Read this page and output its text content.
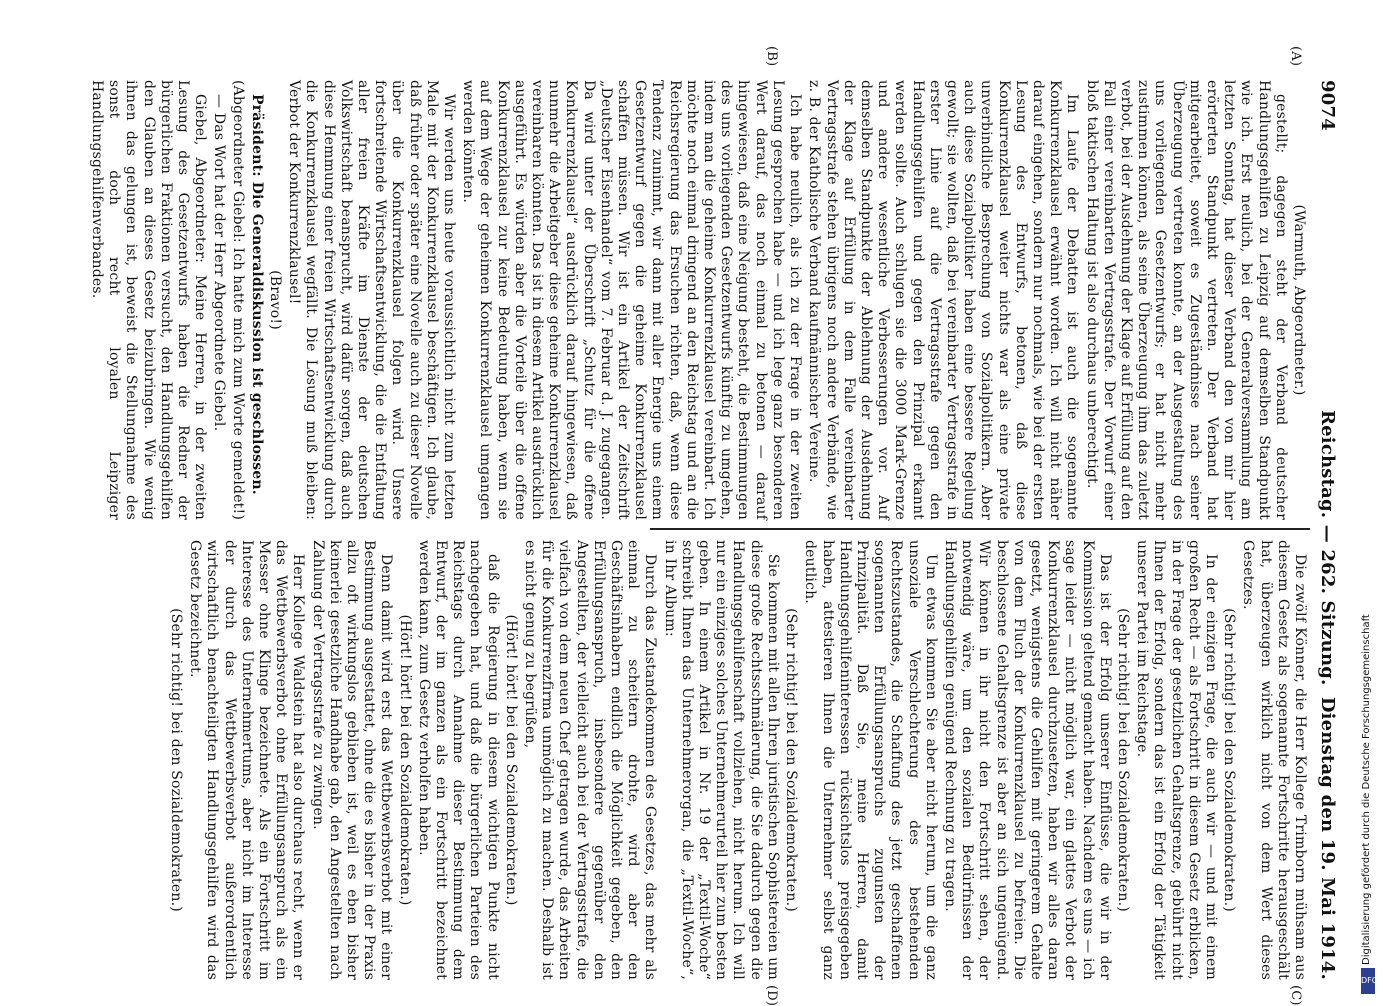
9074
Reichstag. — 262. Sitzung.
Dienstag den 19. Mai 1914.
(A)
(B)
(C)
(D)

(Warmuth, Abgeordneter.)

gestellt; dagegen steht der Verband deutscher Handlungsgehilfen zu Leipzig auf demselben Standpunkt wie ich. Erst neulich, bei der Generalversammlung am letzten Sonntag, hat dieser Verband den von mir hier erörterten Standpunkt vertreten. Der Verband hat mitgearbeitet, soweit es Zugeständnisse nach seiner Überzeugung vertreten konnte, an der Ausgestaltung des uns vorliegenden Gesetzentwurfs; er hat nicht mehr zustimmen können, als seine Überzeugung ihm das zuletzt verbot, bei der Ausdehnung der Klage auf Erfüllung auf den Fall einer vereinbarten Vertragsstrafe. Der Vorwurf einer bloß taktischen Haltung ist also durchaus unberechtigt.

Im Laufe der Debatten ist auch die sogenannte Konkurrenzklausel erwähnt worden. Ich will nicht näher darauf eingehen, sondern nur nochmals, wie bei der ersten Lesung des Entwurfs, betonen, daß diese Konkurrenzklausel weiter nichts war als eine private unverbindliche Besprechung von Sozialpolitikern. Aber auch diese Sozialpolitiker haben eine bessere Regelung gewollt; sie wollten, daß bei vereinbarter Vertragsstrafe in erster Linie auf die Vertragsstrafe gegen den Handlungsgehilfen und gegen den Prinzipal erkannt werden sollte. Auch schlugen sie die 3000 Mark-Grenze und andere wesentliche Verbesserungen vor. Auf demselben Standpunkte der Ablehnung der Ausdehnung der Klage auf Erfüllung in dem Falle vereinbarter Vertragsstrafe stehen übrigens noch andere Verbände, wie z. B. der Katholische Verband kaufmännischer Vereine.

Ich habe neulich, als ich zu der Frage in der zweiten Lesung gesprochen habe — und ich lege ganz besonderen Wert darauf, das noch einmal zu betonen — darauf hingewiesen, daß eine Neigung besteht, die Bestimmungen des uns vorliegenden Gesetzentwurfs künftig zu umgehen, indem man die geheime Konkurrenzklausel vereinbart. Ich möchte noch einmal dringend an den Reichstag und an die Reichsregierung das Ersuchen richten, daß, wenn diese Tendenz zunimmt, wir dann mit aller Energie uns einem Gesetzentwurf gegen die geheime Konkurrenzklausel schaffen müssen. Wir ist ein Artikel der Zeitschrift „Deutscher Eisenhandel“ vom 7. Februar d. J. zugegangen. Da wird unter der Überschrift „Schutz für die offene Konkurrenzklausel“ ausdrücklich darauf hingewiesen, daß nunmehr die Arbeitgeber diese geheime Konkurrenzklausel vereinbaren könnten. Das ist in diesem Artikel ausdrücklich ausgeführt. Es würden aber die Vorteile über die offene Konkurrenzklausel zur keine Bedeutung haben, wenn sie auf dem Wege der geheimen Konkurrenzklausel umgangen werden könnten.

Wir werden uns heute voraussichtlich nicht zum letzten Male mit der Konkurrenzklausel beschäftigen. Ich glaube, daß früher oder später eine Novelle auch zu dieser Novelle über die Konkurrenzklausel folgen wird. Unsere fortschreitende Wirtschaftsentwicklung, die die Entfaltung aller freien Kräfte im Dienste der deutschen Volkswirtschaft beansprucht, wird dafür sorgen, daß auch diese Hemmung einer freien Wirtschaftsentwicklung durch die Konkurrenzklausel wegfällt. Die Lösung muß bleiben: Verbot der Konkurrenzklausel!

(Bravo!)

Präsident: Die Generaldiskussion ist geschlossen.

(Abgeordneter Giebel: Ich hatte mich zum Worte gemeldet!)

— Das Wort hat der Herr Abgeordnete Giebel.

Giebel, Abgeordneter: Meine Herren, in der zweiten Lesung des Gesetzentwurfs haben die Redner der bürgerlichen Fraktionen versucht, den Handlungsgehilfen den Glauben an dieses Gesetz beizubringen. Wie wenig ihnen das gelungen ist, beweist die Stellungnahme des sonst doch recht loyalen Leipziger Handlungsgehilfenverbandes.

Die zwölf Könner, die Herr Kollege Trimborn mühsam aus diesem Gesetz als sogenannte Fortschritte herausgeschält hat, überzeugen wirklich nicht von dem Wert dieses Gesetzes.

(Sehr richtig! bei den Sozialdemokraten.)

In der einzigen Frage, die auch wir — und mit einem großen Recht — als Fortschritt in diesem Gesetz erblicken, in der Frage der gesetzlichen Gehaltsgrenze, gebührt nicht Ihnen der Erfolg, sondern das ist ein Erfolg der Tätigkeit unserer Partei im Reichstage.

(Sehr richtig! bei den Sozialdemokraten.)

Das ist der Erfolg unserer Einflüsse, die wir in der Kommission geltend gemacht haben. Nachdem es uns — ich sage leider — nicht möglich war, ein glattes Verbot der Konkurrenzklausel durchzusetzen, haben wir alles daran gesetzt, wenigstens die Gehilfen mit geringerem Gehalte von dem Fluch der Konkurrenzklausel zu befreien. Die beschlossene Gehaltsgrenze ist aber an sich ungenügend. Wir können in ihr nicht den Fortschritt sehen, der notwendig wäre, um den sozialen Bedürfnissen der Handlungsgehilfen genügend Rechnung zu tragen.

Um etwas kommen Sie aber nicht herum, um die ganz unsoziale Verschlechterung des bestehenden Rechtszustandes, die Schaffung des jetzt geschaffenen sogenannten Erfüllungsanspruchs zugunsten der Prinzipalität. Daß Sie, meine Herren, damit Handlungsgehilfeninteressen rücksichtslos preisgegeben haben, attestieren Ihnen die Unternehmer selbst ganz deutlich.

(Sehr richtig! bei den Sozialdemokraten.)

Sie kommen mit allen Ihren juristischen Sophistereien um diese große Rechtsschmälerung, die Sie dadurch gegen die Handlungsgehilfenschaft vollziehen, nicht herum. Ich will nur ein einziges solches Unternehmerurteil hier zum besten geben. In einem Artikel in Nr. 19 der „Textil-Woche“ schreibt Ihnen das Unternehmerorgan, die „Textil-Woche“, in Ihr Album:

Durch das Zustandekommen des Gesetzes, das mehr als einmal zu scheitern drohte, wird aber den Geschäftsinhabern endlich die Möglichkeit gegeben, den Erfüllungsanspruch, insbesondere gegenüber den Angestellten, der vielleicht auch bei der Vertragsstrafe, die vielfach von dem neuen Chef getragen wurde, das Arbeiten für die Konkurrenzfirma unmöglich zu machen. Deshalb ist es nicht genug zu begrüßen,

(Hört! hört! bei den Sozialdemokraten.)

daß die Regierung in diesem wichtigen Punkte nicht nachgegeben hat, und daß die bürgerlichen Parteien des Reichstags durch Annahme dieser Bestimmung dem Entwurf, der im ganzen als ein Fortschritt bezeichnet werden kann, zum Gesetz verholfen haben.

(Hört! hört! bei den Sozialdemokraten.)

Denn damit wird erst das Wettbewerbsverbot mit einer Bestimmung ausgestattet, ohne die es bisher in der Praxis allzu oft wirkungslos geblieben ist, weil es eben bisher keinerlei gesetzliche Handhabe gab, den Angestellten nach Zahlung der Vertragsstrafe zu zwingen.

Herr Kollege Waldstein hat also durchaus recht, wenn er das Wettbewerbsverbot ohne Erfüllungsanspruch als ein Messer ohne Klinge bezeichnete. Als ein Fortschritt im Interesse des Unternehmertums, aber nicht im Interesse der durch das Wettbewerbsverbot außerordentlich wirtschaftlich benachteiligten Handlungsgehilfen wird das Gesetz bezeichnet.

(Sehr richtig! bei den Sozialdemokraten.)	Digitalisierung gefördert durch die Deutsche Forschungsgemeinschaft
DFG
